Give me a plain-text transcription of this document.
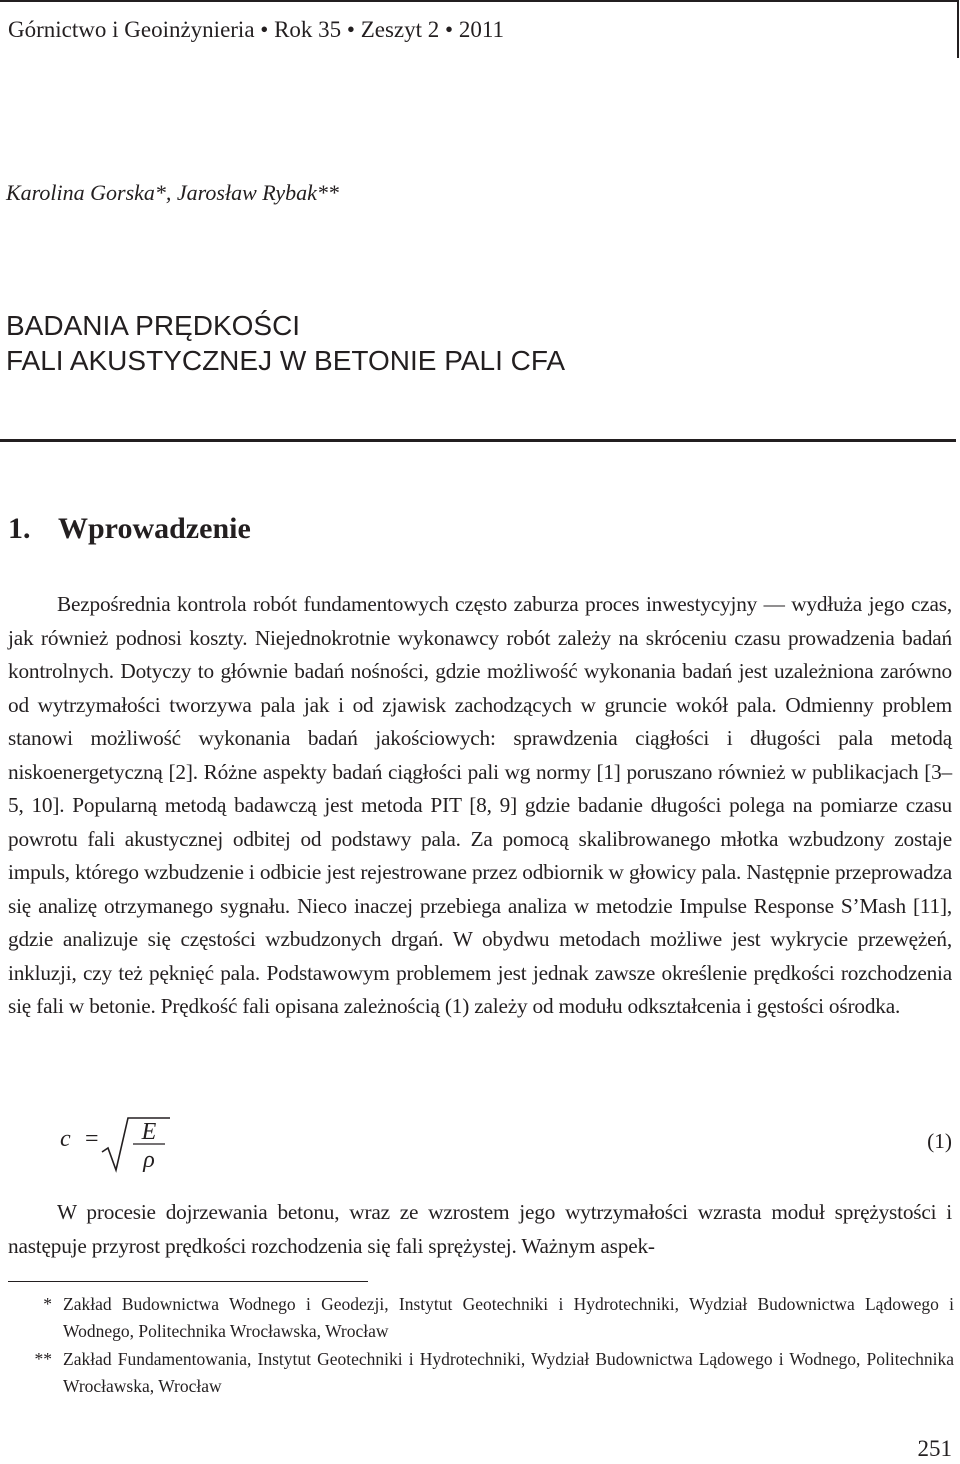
Górnictwo i Geoinżynieria • Rok 35 • Zeszyt 2 • 2011
Karolina Gorska*, Jarosław Rybak**
BADANIA PRĘDKOŚCI
FALI AKUSTYCZNEJ W BETONIE PALI CFA
1. Wprowadzenie

Bezpośrednia kontrola robót fundamentowych często zaburza proces inwestycyjny — wydłuża jego czas, jak również podnosi koszty. Niejednokrotnie wykonawcy robót zależy na skróceniu czasu prowadzenia badań kontrolnych. Dotyczy to głównie badań nośności, gdzie możliwość wykonania badań jest uzależniona zarówno od wytrzymałości tworzywa pala jak i od zjawisk zachodzących w gruncie wokół pala. Odmienny problem stanowi możliwość wykonania badań jakościowych: sprawdzenia ciągłości i długości pala metodą niskoenergetyczną [2]. Różne aspekty badań ciągłości pali wg normy [1] poruszano również w publikacjach [3–5, 10]. Popularną metodą badawczą jest metoda PIT [8, 9] gdzie badanie długości polega na pomiarze czasu powrotu fali akustycznej odbitej od podstawy pala. Za pomocą skalibrowanego młotka wzbudzony zostaje impuls, którego wzbudzenie i odbicie jest rejestrowane przez odbiornik w głowicy pala. Następnie przeprowadza się analizę otrzymanego sygnału. Nieco inaczej przebiega analiza w metodzie Impulse Response S’Mash [11], gdzie analizuje się częstości wzbudzonych drgań. W obydwu metodach możliwe jest wykrycie przewężeń, inkluzji, czy też pęknięć pala. Podstawowym problemem jest jednak zawsze określenie prędkości rozchodzenia się fali w betonie. Prędkość fali opisana zależnością (1) zależy od modułu odkształcenia i gęstości ośrodka.

c = E
ρ
(1)

W procesie dojrzewania betonu, wraz ze wzrostem jego wytrzymałości wzrasta moduł sprężystości i następuje przyrost prędkości rozchodzenia się fali sprężystej. Ważnym aspek-

* Zakład Budownictwa Wodnego i Geodezji, Instytut Geotechniki i Hydrotechniki, Wydział Budownictwa Lądowego i Wodnego, Politechnika Wrocławska, Wrocław
** Zakład Fundamentowania, Instytut Geotechniki i Hydrotechniki, Wydział Budownictwa Lądowego i Wodnego, Politechnika Wrocławska, Wrocław
251
